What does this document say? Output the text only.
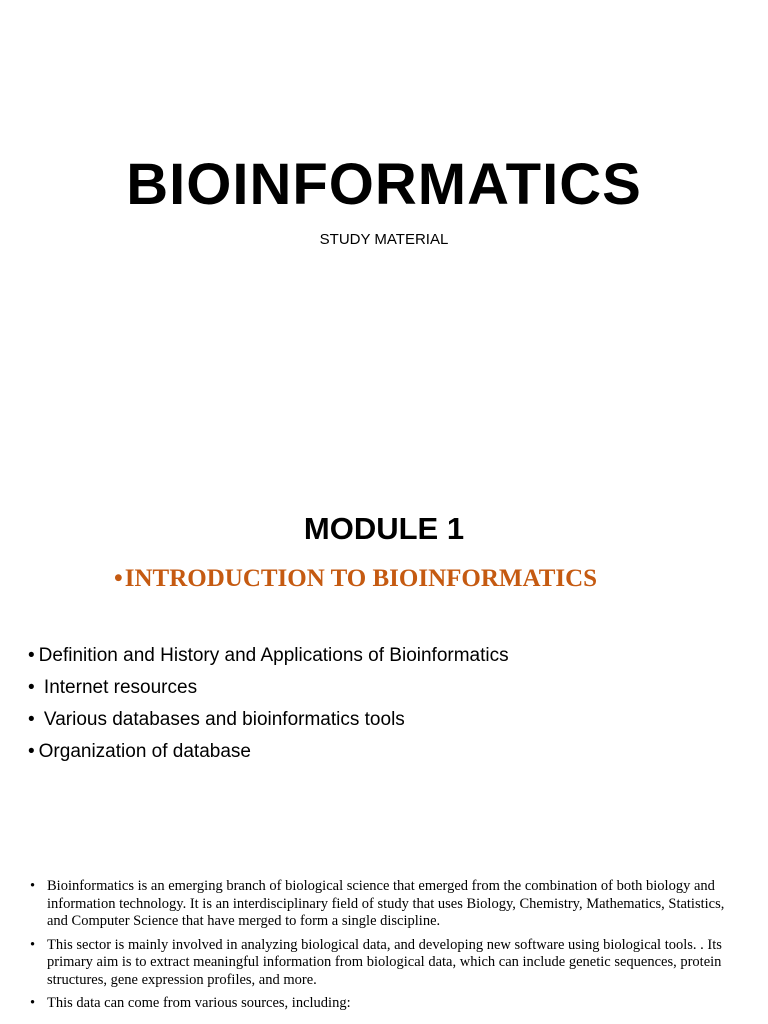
BIOINFORMATICS
STUDY MATERIAL
MODULE 1
•INTRODUCTION TO BIOINFORMATICS
• Definition and History and Applications of Bioinformatics
• Internet resources
• Various databases and bioinformatics tools
• Organization of database
• Bioinformatics is an emerging branch of biological science that emerged from the combination of both biology and information technology. It is an interdisciplinary field of study that uses Biology, Chemistry, Mathematics, Statistics, and Computer Science that have merged to form a single discipline.
• This sector is mainly involved in analyzing biological data, and developing new software using biological tools. . Its primary aim is to extract meaningful information from biological data, which can include genetic sequences, protein structures, gene expression profiles, and more.
• This data can come from various sources, including:
